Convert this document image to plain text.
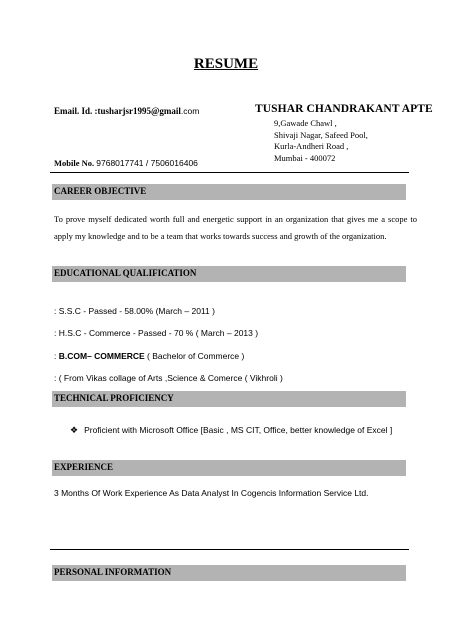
RESUME
Email. Id. :tusharjsr1995@gmail.com	TUSHAR CHANDRAKANT APTE
9,Gawade Chawl ,
Shivaji Nagar, Safeed Pool,
Kurla-Andheri Road ,
Mumbai - 400072
Mobile No. 9768017741 / 7506016406
CAREER OBJECTIVE
To prove myself dedicated worth full and energetic support in an organization that gives me a scope to apply my knowledge and to be a team that works towards success and growth of the organization.
EDUCATIONAL QUALIFICATION
: S.S.C - Passed - 58.00% (March – 2011 )
: H.S.C - Commerce - Passed - 70 % ( March – 2013 )
: B.COM– COMMERCE ( Bachelor of Commerce )
: ( From Vikas collage of Arts ,Science & Comerce ( Vikhroli )
TECHNICAL PROFICIENCY
❖ Proficient with Microsoft Office [Basic , MS CIT, Office, better knowledge of Excel ]
EXPERIENCE
3 Months Of Work Experience As Data Analyst In Cogencis Information Service Ltd.
PERSONAL INFORMATION
